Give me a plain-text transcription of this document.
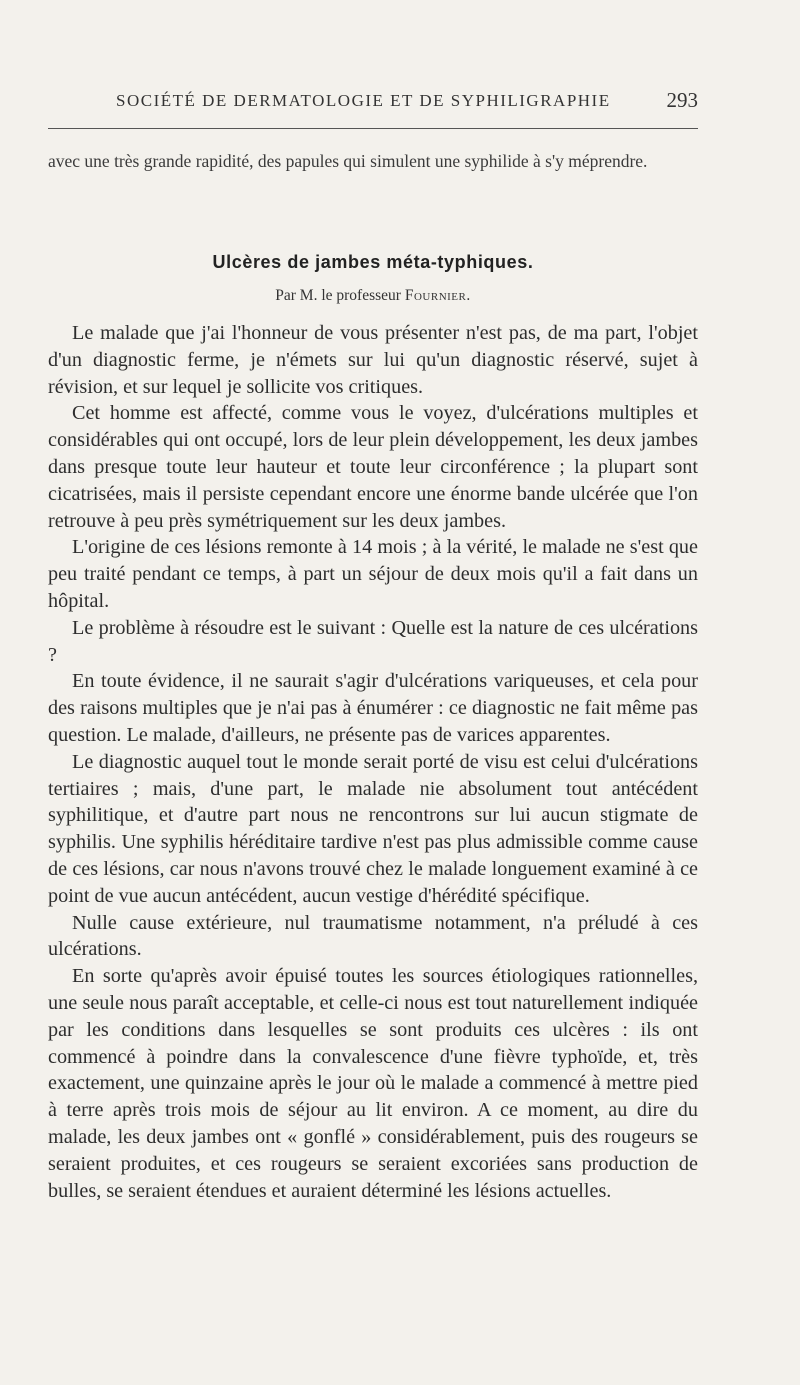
SOCIÉTÉ DE DERMATOLOGIE ET DE SYPHILIGRAPHIE	293

avec une très grande rapidité, des papules qui simulent une syphilide à s'y méprendre.

Ulcères de jambes méta-typhiques.
Par M. le professeur Fournier.

Le malade que j'ai l'honneur de vous présenter n'est pas, de ma part, l'objet d'un diagnostic ferme, je n'émets sur lui qu'un diagnostic réservé, sujet à révision, et sur lequel je sollicite vos critiques.

Cet homme est affecté, comme vous le voyez, d'ulcérations multiples et considérables qui ont occupé, lors de leur plein développement, les deux jambes dans presque toute leur hauteur et toute leur circonférence ; la plupart sont cicatrisées, mais il persiste cependant encore une énorme bande ulcérée que l'on retrouve à peu près symétriquement sur les deux jambes.

L'origine de ces lésions remonte à 14 mois ; à la vérité, le malade ne s'est que peu traité pendant ce temps, à part un séjour de deux mois qu'il a fait dans un hôpital.

Le problème à résoudre est le suivant : Quelle est la nature de ces ulcérations ?

En toute évidence, il ne saurait s'agir d'ulcérations variqueuses, et cela pour des raisons multiples que je n'ai pas à énumérer : ce diagnostic ne fait même pas question. Le malade, d'ailleurs, ne présente pas de varices apparentes.

Le diagnostic auquel tout le monde serait porté de visu est celui d'ulcérations tertiaires ; mais, d'une part, le malade nie absolument tout antécédent syphilitique, et d'autre part nous ne rencontrons sur lui aucun stigmate de syphilis. Une syphilis héréditaire tardive n'est pas plus admissible comme cause de ces lésions, car nous n'avons trouvé chez le malade longuement examiné à ce point de vue aucun antécédent, aucun vestige d'hérédité spécifique.

Nulle cause extérieure, nul traumatisme notamment, n'a préludé à ces ulcérations.

En sorte qu'après avoir épuisé toutes les sources étiologiques rationnelles, une seule nous paraît acceptable, et celle-ci nous est tout naturellement indiquée par les conditions dans lesquelles se sont produits ces ulcères : ils ont commencé à poindre dans la convalescence d'une fièvre typhoïde, et, très exactement, une quinzaine après le jour où le malade a commencé à mettre pied à terre après trois mois de séjour au lit environ. A ce moment, au dire du malade, les deux jambes ont « gonflé » considérablement, puis des rougeurs se seraient produites, et ces rougeurs se seraient excoriées sans production de bulles, se seraient étendues et auraient déterminé les lésions actuelles.
